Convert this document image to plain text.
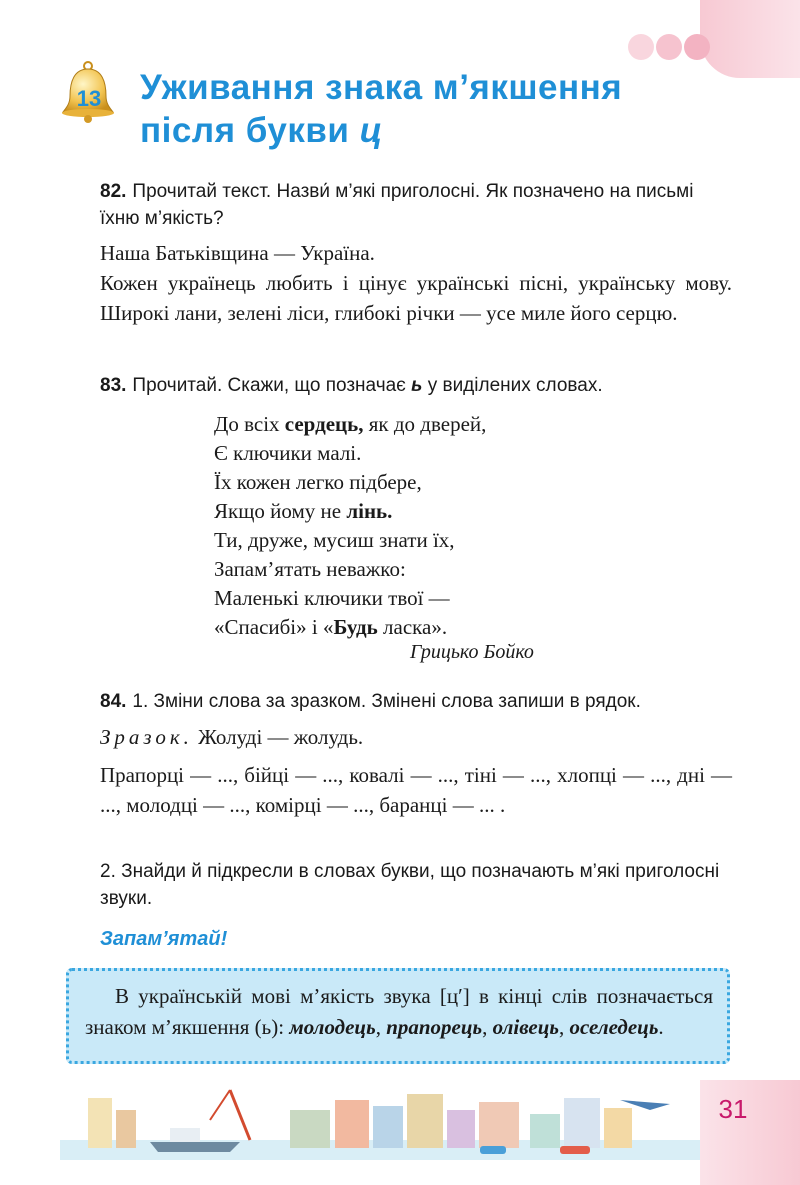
13 Уживання знака м’якшення
після букви ц
82. Прочитай текст. Назви́ м’які приголосні. Як позначено на письмі їхню м’якість?
Наша Батьківщина — Україна.
Кожен українець любить і цінує українські пісні, українську мову. Широкі лани, зелені ліси, глибокі річки — усе миле його серцю.
83. Прочитай. Скажи, що позначає ь у виділених словах.
До всіх сердець, як до дверей,
Є ключики малі.
Їх кожен легко підбере,
Якщо йому не лінь.
Ти, друже, мусиш знати їх,
Запам’ятать неважко:
Маленькі ключики твої —
«Спасибі» і «Будь ласка».
Грицько Бойко
84. 1. Зміни слова за зразком. Змінені слова запиши в рядок.
Зразок. Жолуді — жолудь.
Прапорці — ..., бійці — ..., ковалі — ..., тіні — ..., хлопці — ..., дні — ..., молодці — ..., комірці — ..., баранці — ... .
2. Знайди й підкресли в словах букви, що позначають м’які приголосні звуки.
Запам’ятай!
В українській мові м’якість звука [ц′] в кінці слів позначається знаком м’якшення (ь): молодець, прапорець, олівець, оселедець.
31
